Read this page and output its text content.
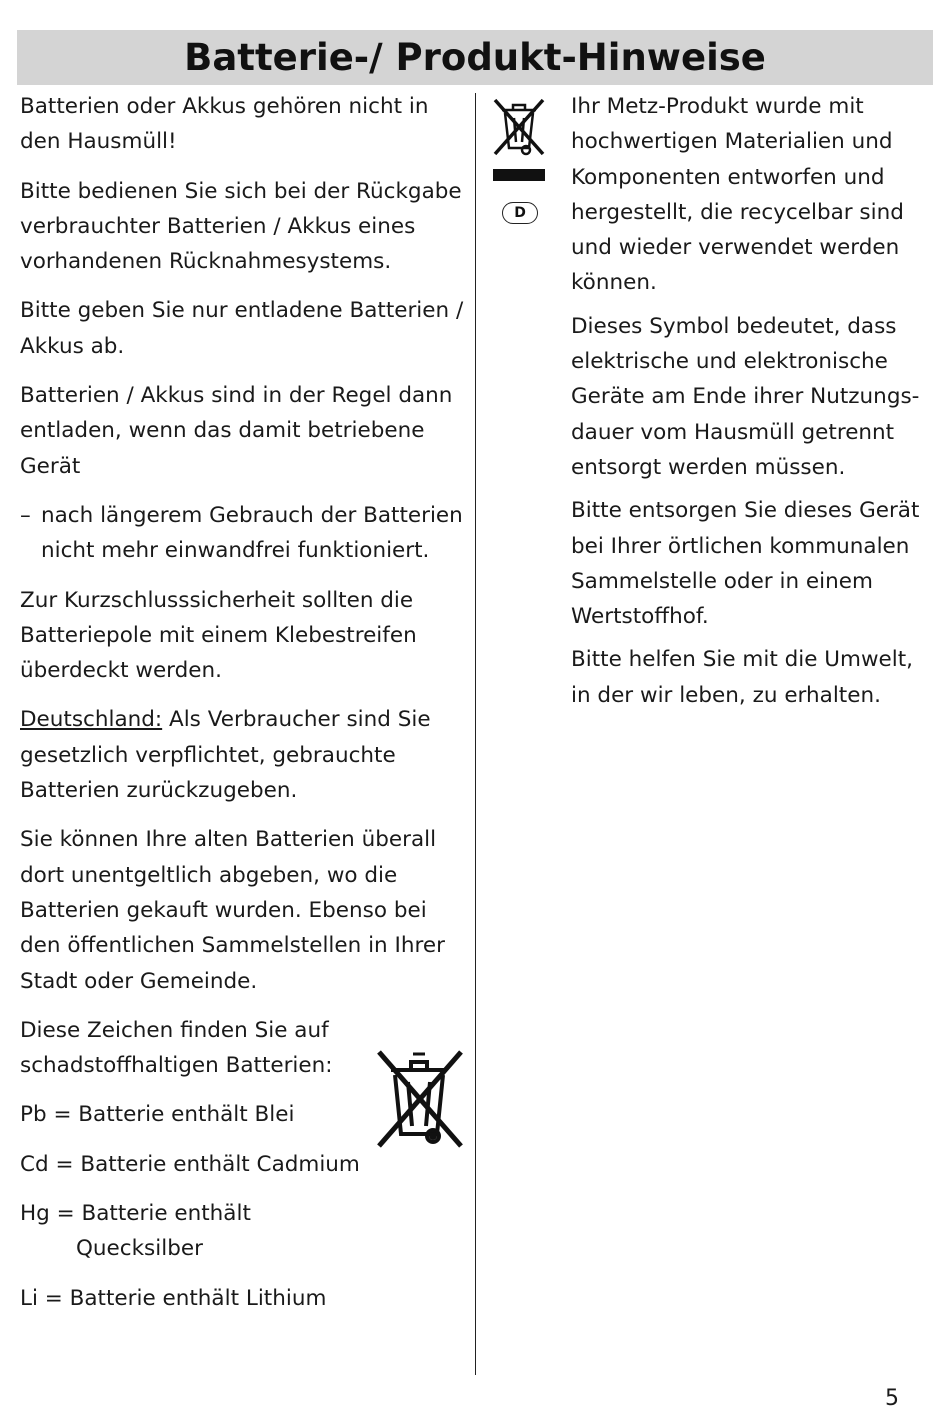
Batterie-/ Produkt-Hinweise

Batterien oder Akkus gehören nicht in den Hausmüll!

Bitte bedienen Sie sich bei der Rückgabe verbrauchter Batterien / Akkus eines vorhandenen Rücknahmesystems.

Bitte geben Sie nur entladene Batterien / Akkus ab.

Batterien / Akkus sind in der Regel dann entladen, wenn das damit betriebene Gerät

– nach längerem Gebrauch der Batterien nicht mehr einwandfrei funktioniert.

Zur Kurzschlusssicherheit sollten die Batteriepole mit einem Klebestreifen überdeckt werden.

Deutschland: Als Verbraucher sind Sie gesetzlich verpflichtet, gebrauchte Batterien zurückzugeben.

Sie können Ihre alten Batterien überall dort unentgeltlich abgeben, wo die Batterien gekauft wurden. Ebenso bei den öffentlichen Sammelstellen in Ihrer Stadt oder Gemeinde.

Diese Zeichen finden Sie auf
schadstoffhaltigen Batterien:

Pb = Batterie enthält Blei

Cd = Batterie enthält Cadmium

Hg = Batterie enthält
Quecksilber

Li = Batterie enthält Lithium

D

Ihr Metz-Produkt wurde mit hochwertigen Materialien und Komponenten entworfen und hergestellt, die recycelbar sind und wieder verwendet werden können.

Dieses Symbol bedeutet, dass elektrische und elektronische Geräte am Ende ihrer Nutzungs-dauer vom Hausmüll getrennt entsorgt werden müssen.

Bitte entsorgen Sie dieses Gerät bei Ihrer örtlichen kommunalen Sammelstelle oder in einem Wertstoffhof.

Bitte helfen Sie mit die Umwelt, in der wir leben, zu erhalten.

5
